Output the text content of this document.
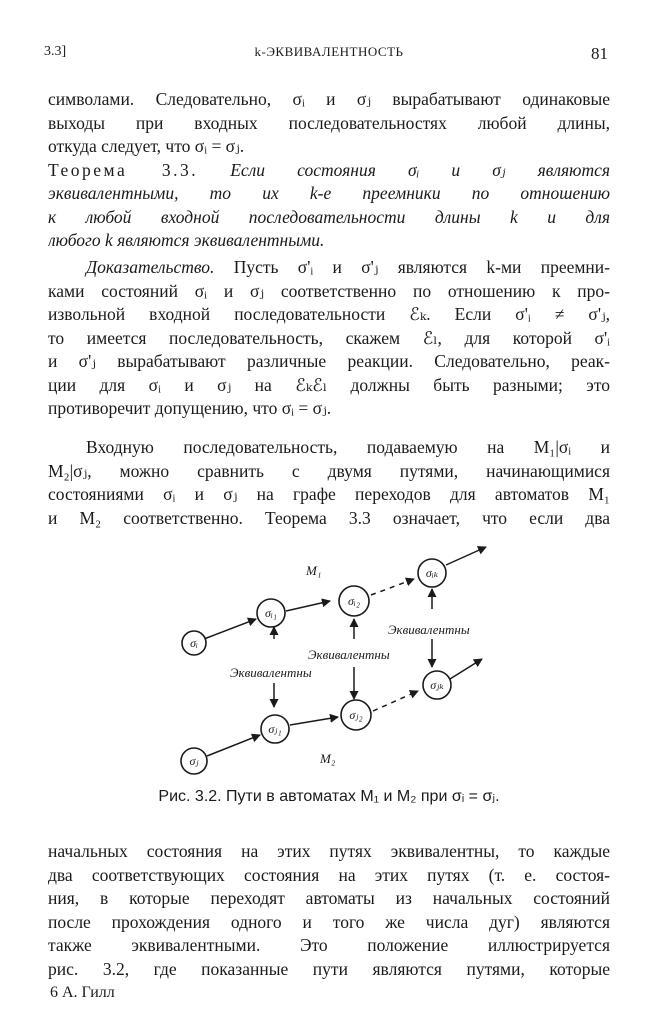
3.3]	k-ЭКВИВАЛЕНТНОСТЬ	81
символами. Следовательно, σᵢ и σⱼ вырабатывают одинаковые
выходы при входных последовательностях любой длины,
откуда следует, что σᵢ = σⱼ.
Теорема 3.3. Если состояния σᵢ и σⱼ являются
эквивалентными, то их k-е преемники по отношению
к любой входной последовательности длины k и для
любого k являются эквивалентными.
Доказательство. Пусть σ'ᵢ и σ'ⱼ являются k-ми преемни-
ками состояний σᵢ и σⱼ соответственно по отношению к про-
извольной входной последовательности ℰₖ. Если σ'ᵢ ≠ σ'ⱼ,
то имеется последовательность, скажем ℰₗ, для которой σ'ᵢ
и σ'ⱼ вырабатывают различные реакции. Следовательно, реак-
ции для σᵢ и σⱼ на ℰₖℰₗ должны быть разными; это
противоречит допущению, что σᵢ = σⱼ.
Входную последовательность, подаваемую на M₁|σᵢ и
M₂|σⱼ, можно сравнить с двумя путями, начинающимися
состояниями σᵢ и σⱼ на графе переходов для автоматов M₁
и M₂ соответственно. Теорема 3.3 означает, что если два
σᵢ
σᵢ₁
σᵢ₂
σᵢₖ
σⱼ
σⱼ₁
σⱼ₂
σⱼₖ
M₁
M₂
Эквивалентны
Эквивалентны
Эквивалентны
Рис. 3.2. Пути в автоматах M₁ и M₂ при σᵢ = σⱼ.
начальных состояния на этих путях эквивалентны, то каждые
два соответствующих состояния на этих путях (т. е. состоя-
ния, в которые переходят автоматы из начальных состояний
после прохождения одного и того же числа дуг) являются
также эквивалентными. Это положение иллюстрируется
рис. 3.2, где показанные пути являются путями, которые
6 А. Гилл
